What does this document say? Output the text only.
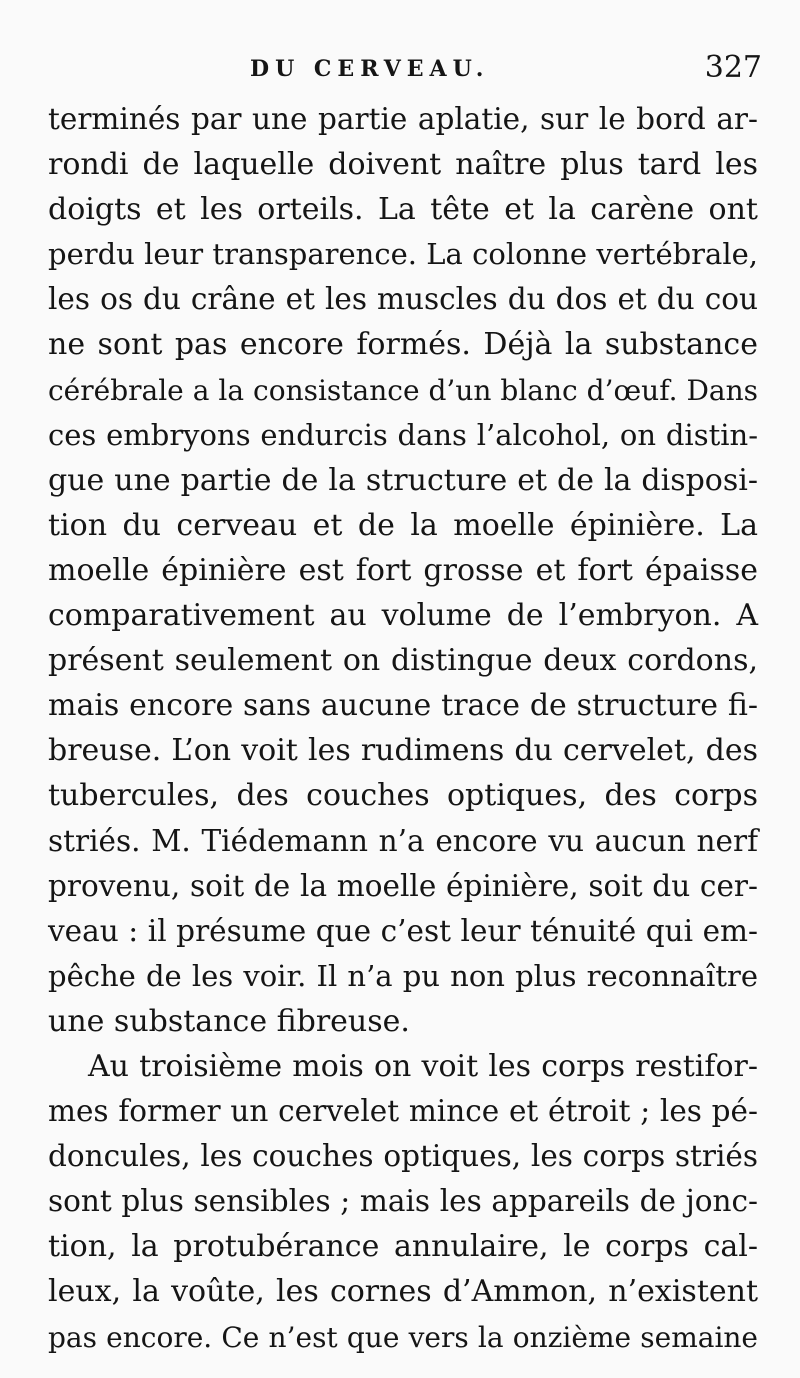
DU CERVEAU.	327
terminés par une partie aplatie, sur le bord ar-
rondi de laquelle doivent naître plus tard les
doigts et les orteils. La tête et la carène ont
perdu leur transparence. La colonne vertébrale,
les os du crâne et les muscles du dos et du cou
ne sont pas encore formés. Déjà la substance
cérébrale a la consistance d’un blanc d’œuf. Dans
ces embryons endurcis dans l’alcohol, on distin-
gue une partie de la structure et de la disposi-
tion du cerveau et de la moelle épinière. La
moelle épinière est fort grosse et fort épaisse
comparativement au volume de l’embryon. A
présent seulement on distingue deux cordons,
mais encore sans aucune trace de structure fi-
breuse. L’on voit les rudimens du cervelet, des
tubercules, des couches optiques, des corps
striés. M. Tiédemann n’a encore vu aucun nerf
provenu, soit de la moelle épinière, soit du cer-
veau : il présume que c’est leur ténuité qui em-
pêche de les voir. Il n’a pu non plus reconnaître
une substance fibreuse.
Au troisième mois on voit les corps restifor-
mes former un cervelet mince et étroit ; les pé-
doncules, les couches optiques, les corps striés
sont plus sensibles ; mais les appareils de jonc-
tion, la protubérance annulaire, le corps cal-
leux, la voûte, les cornes d’Ammon, n’existent
pas encore. Ce n’est que vers la onzième semaine
